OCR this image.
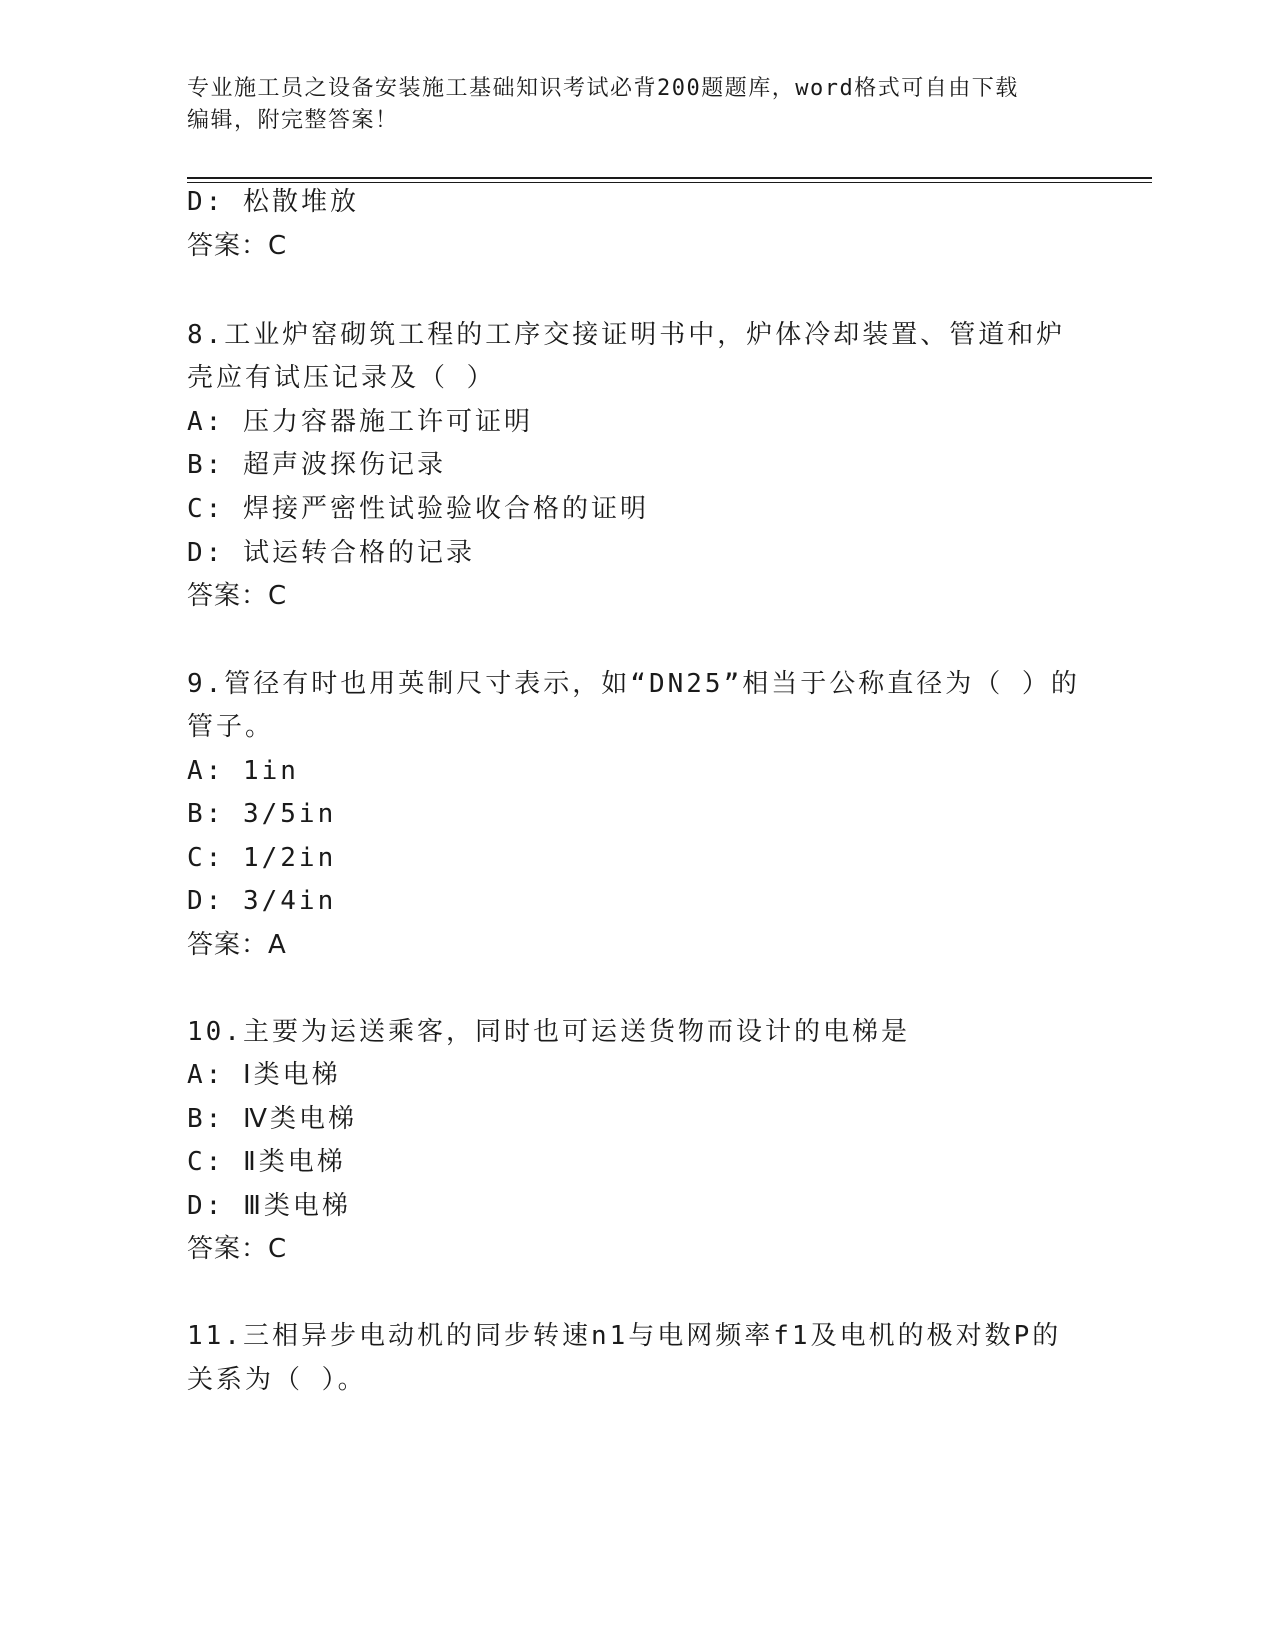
专业施工员之设备安装施工基础知识考试必背200题题库，word格式可自由下载
编辑，附完整答案！
D: 松散堆放
答案：C
8.工业炉窑砌筑工程的工序交接证明书中，炉体冷却装置、管道和炉
壳应有试压记录及（ ）
A: 压力容器施工许可证明
B: 超声波探伤记录
C: 焊接严密性试验验收合格的证明
D: 试运转合格的记录
答案：C
9.管径有时也用英制尺寸表示，如“DN25”相当于公称直径为（ ）的
管子。
A: 1in
B: 3/5in
C: 1/2in
D: 3/4in
答案：A
10.主要为运送乘客，同时也可运送货物而设计的电梯是
A: Ⅰ类电梯
B: Ⅳ类电梯
C: Ⅱ类电梯
D: Ⅲ类电梯
答案：C
11.三相异步电动机的同步转速n1与电网频率f1及电机的极对数P的
关系为（ ）。
